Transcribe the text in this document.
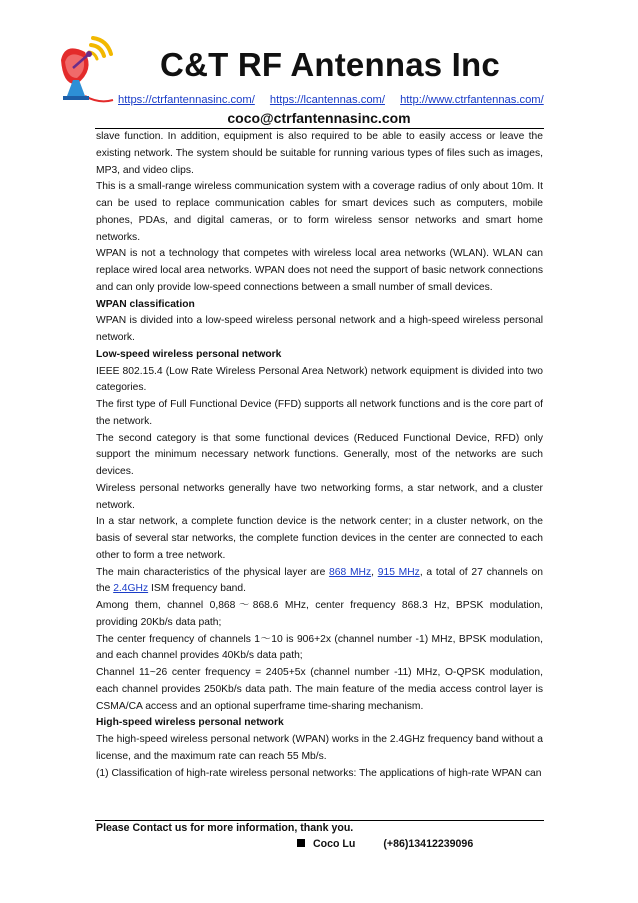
C&T RF Antennas Inc
https://ctrfantennasinc.com/ https://lcantennas.com/ http://www.ctrfantennas.com/
coco@ctrfantennasinc.com

slave function. In addition, equipment is also required to be able to easily access or leave the existing network. The system should be suitable for running various types of files such as images, MP3, and video clips.

This is a small-range wireless communication system with a coverage radius of only about 10m. It can be used to replace communication cables for smart devices such as computers, mobile phones, PDAs, and digital cameras, or to form wireless sensor networks and smart home networks.

WPAN is not a technology that competes with wireless local area networks (WLAN). WLAN can replace wired local area networks. WPAN does not need the support of basic network connections and can only provide low-speed connections between a small number of small devices.

WPAN classification

WPAN is divided into a low-speed wireless personal network and a high-speed wireless personal network.

Low-speed wireless personal network

IEEE 802.15.4 (Low Rate Wireless Personal Area Network) network equipment is divided into two categories.

The first type of Full Functional Device (FFD) supports all network functions and is the core part of the network.

The second category is that some functional devices (Reduced Functional Device, RFD) only support the minimum necessary network functions. Generally, most of the networks are such devices.

Wireless personal networks generally have two networking forms, a star network, and a cluster network.

In a star network, a complete function device is the network center; in a cluster network, on the basis of several star networks, the complete function devices in the center are connected to each other to form a tree network.

The main characteristics of the physical layer are 868 MHz, 915 MHz, a total of 27 channels on the 2.4GHz ISM frequency band.

Among them, channel 0,868～868.6 MHz, center frequency 868.3 Hz, BPSK modulation, providing 20Kb/s data path;

The center frequency of channels 1～10 is 906+2x (channel number -1) MHz, BPSK modulation, and each channel provides 40Kb/s data path;

Channel 11~26 center frequency = 2405+5x (channel number -11) MHz, O-QPSK modulation, each channel provides 250Kb/s data path. The main feature of the media access control layer is CSMA/CA access and an optional superframe time-sharing mechanism.

High-speed wireless personal network

The high-speed wireless personal network (WPAN) works in the 2.4GHz frequency band without a license, and the maximum rate can reach 55 Mb/s.

(1) Classification of high-rate wireless personal networks: The applications of high-rate WPAN can

Please Contact us for more information, thank you.
Coco Lu	(+86)13412239096
